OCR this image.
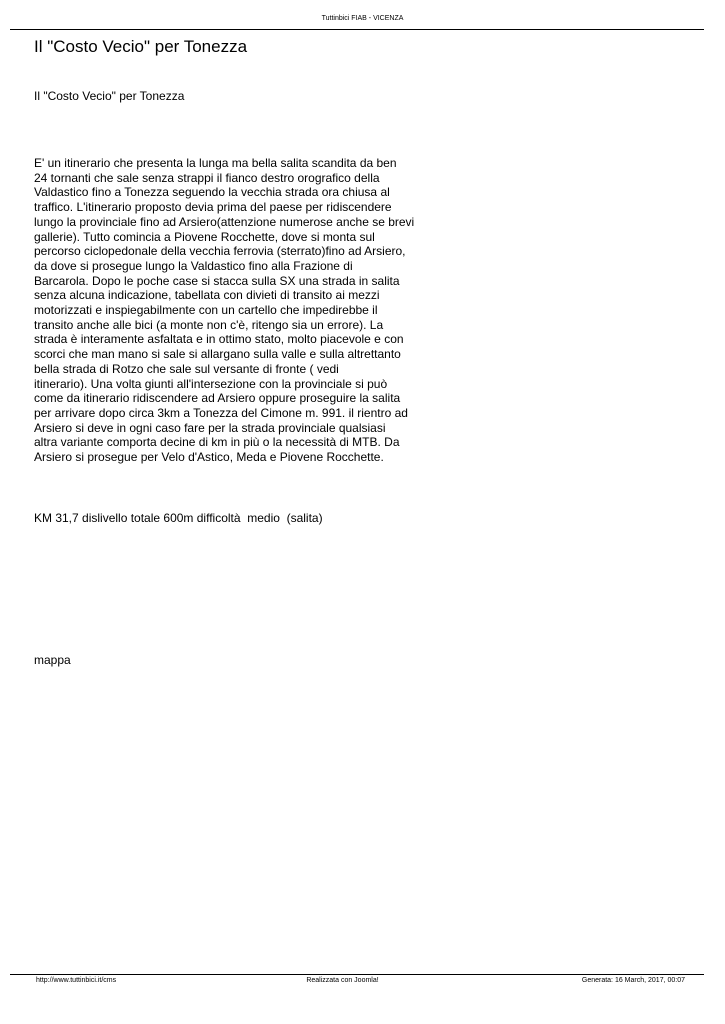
Tuttinbici FIAB - VICENZA
Il "Costo Vecio" per Tonezza

Il "Costo Vecio" per Tonezza

E' un itinerario che presenta la lunga ma bella salita scandita da ben
24 tornanti che sale senza strappi il fianco destro orografico della
Valdastico fino a Tonezza seguendo la vecchia strada ora chiusa al
traffico. L'itinerario proposto devia prima del paese per ridiscendere
lungo la provinciale fino ad Arsiero(attenzione numerose anche se brevi
gallerie). Tutto comincia a Piovene Rocchette, dove si monta sul
percorso ciclopedonale della vecchia ferrovia (sterrato)fino ad Arsiero,
da dove si prosegue lungo la Valdastico fino alla Frazione di
Barcarola. Dopo le poche case si stacca sulla SX una strada in salita
senza alcuna indicazione, tabellata con divieti di transito ai mezzi
motorizzati e inspiegabilmente con un cartello che impedirebbe il
transito anche alle bici (a monte non c'è, ritengo sia un errore). La
strada è interamente asfaltata e in ottimo stato, molto piacevole e con
scorci che man mano si sale si allargano sulla valle e sulla altrettanto
bella strada di Rotzo che sale sul versante di fronte ( vedi
itinerario). Una volta giunti all'intersezione con la provinciale si può
come da itinerario ridiscendere ad Arsiero oppure proseguire la salita
per arrivare dopo circa 3km a Tonezza del Cimone m. 991. il rientro ad
Arsiero si deve in ogni caso fare per la strada provinciale qualsiasi
altra variante comporta decine di km in più o la necessità di MTB. Da
Arsiero si prosegue per Velo d'Astico, Meda e Piovene Rocchette.

KM 31,7 dislivello totale 600m difficoltà  medio  (salita)

mappa

http://www.tuttinbici.it/cms	Realizzata con Joomla!	Generata: 16 March, 2017, 00:07
